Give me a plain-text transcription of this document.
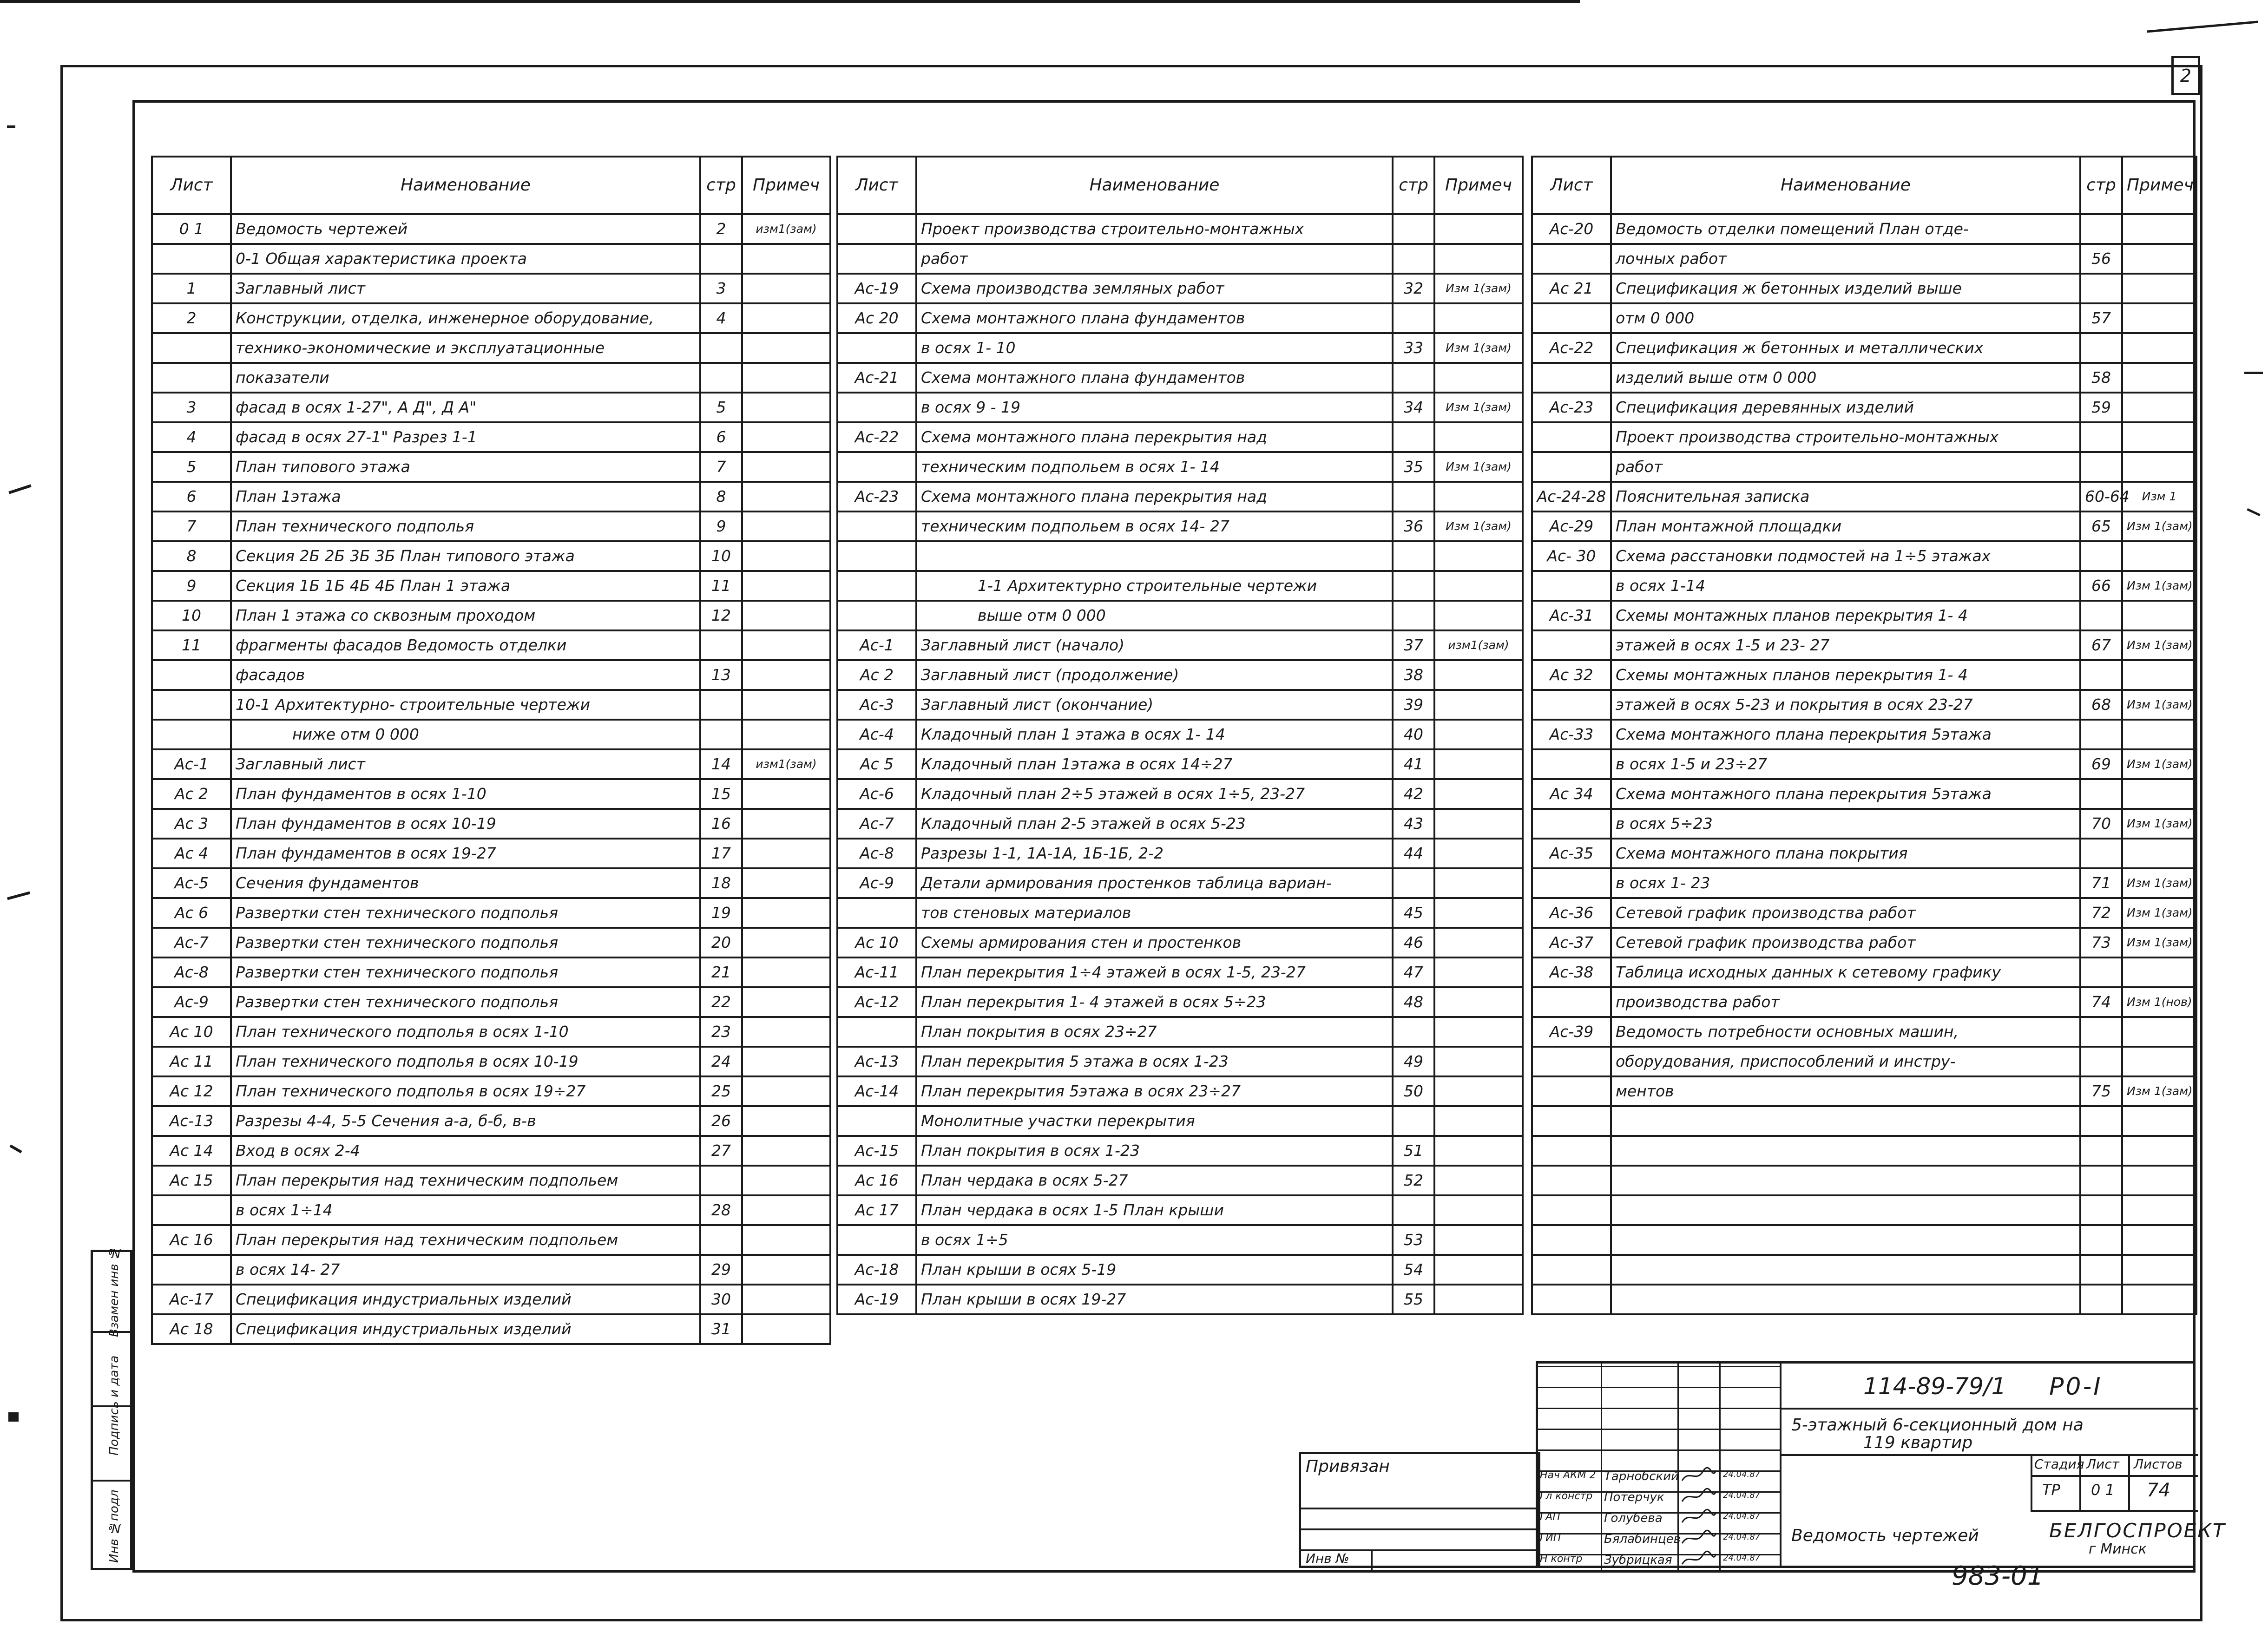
2
Взамен инв №
Подпись и дата
Инв №подл
Лист	Наименование	стр	Примеч
0 1	Ведомость чертежей	2	изм1(зам)
	0-1 Общая характеристика проекта		
1	Заглавный лист	3	
2	Конструкции, отделка, инженерное оборудование,	4	
	технико-экономические и эксплуатационные		
	показатели		
3	фасад в осях 1-27", А Д", Д А"	5	
4	фасад в осях 27-1" Разрез 1-1	6	
5	План типового этажа	7	
6	План 1этажа	8	
7	План технического подполья	9	
8	Секция 2Б 2Б 3Б 3Б План типового этажа	10	
9	Секция 1Б 1Б 4Б 4Б План 1 этажа	11	
10	План 1 этажа со сквозным проходом	12	
11	фрагменты фасадов Ведомость отделки		
	фасадов	13	
	10-1 Архитектурно- строительные чертежи		
	ниже отм 0 000		
Ас-1	Заглавный лист	14	изм1(зам)
Ас 2	План фундаментов в осях 1-10	15	
Ас 3	План фундаментов в осях 10-19	16	
Ас 4	План фундаментов в осях 19-27	17	
Ас-5	Сечения фундаментов	18	
Ас 6	Развертки стен технического подполья	19	
Ас-7	Развертки стен технического подполья	20	
Ас-8	Развертки стен технического подполья	21	
Ас-9	Развертки стен технического подполья	22	
Ас 10	План технического подполья в осях 1-10	23	
Ас 11	План технического подполья в осях 10-19	24	
Ас 12	План технического подполья в осях 19÷27	25	
Ас-13	Разрезы 4-4, 5-5 Сечения а-а, б-б, в-в	26	
Ас 14	Вход в осях 2-4	27	
Ас 15	План перекрытия над техническим подпольем		
	в осях 1÷14	28	
Ас 16	План перекрытия над техническим подпольем		
	в осях 14- 27	29	
Ас-17	Спецификация индустриальных изделий	30	
Ас 18	Спецификация индустриальных изделий	31	
Лист	Наименование	стр	Примеч
	Проект производства строительно-монтажных		
	работ		
Ас-19	Схема производства земляных работ	32	Изм 1(зам)
Ас 20	Схема монтажного плана фундаментов		
	в осях 1- 10	33	Изм 1(зам)
Ас-21	Схема монтажного плана фундаментов		
	в осях 9 - 19	34	Изм 1(зам)
Ас-22	Схема монтажного плана перекрытия над		
	техническим подпольем в осях 1- 14	35	Изм 1(зам)
Ас-23	Схема монтажного плана перекрытия над		
	техническим подпольем в осях 14- 27	36	Изм 1(зам)

	1-1 Архитектурно строительные чертежи		
	выше отм 0 000		
Ас-1	Заглавный лист (начало)	37	изм1(зам)
Ас 2	Заглавный лист (продолжение)	38	
Ас-3	Заглавный лист (окончание)	39	
Ас-4	Кладочный план 1 этажа в осях 1- 14	40	
Ас 5	Кладочный план 1этажа в осях 14÷27	41	
Ас-6	Кладочный план 2÷5 этажей в осях 1÷5, 23-27	42	
Ас-7	Кладочный план 2-5 этажей в осях 5-23	43	
Ас-8	Разрезы 1-1, 1А-1А, 1Б-1Б, 2-2	44	
Ас-9	Детали армирования простенков таблица вариан-		
	тов стеновых материалов	45	
Ас 10	Схемы армирования стен и простенков	46	
Ас-11	План перекрытия 1÷4 этажей в осях 1-5, 23-27	47	
Ас-12	План перекрытия 1- 4 этажей в осях 5÷23	48	
	План покрытия в осях 23÷27		
Ас-13	План перекрытия 5 этажа в осях 1-23	49	
Ас-14	План перекрытия 5этажа в осях 23÷27	50	
	Монолитные участки перекрытия		
Ас-15	План покрытия в осях 1-23	51	
Ас 16	План чердака в осях 5-27	52	
Ас 17	План чердака в осях 1-5 План крыши		
	в осях 1÷5	53	
Ас-18	План крыши в осях 5-19	54	
Ас-19	План крыши в осях 19-27	55	
Лист	Наименование	стр	Примеч
Ас-20	Ведомость отделки помещений План отде-		
	лочных работ	56	
Ас 21	Спецификация ж бетонных изделий выше		
	отм 0 000	57	
Ас-22	Спецификация ж бетонных и металлических		
	изделий выше отм 0 000	58	
Ас-23	Спецификация деревянных изделий	59	
	Проект производства строительно-монтажных		
	работ		
Ас-24-28	Пояснительная записка	60-64	Изм 1
Ас-29	План монтажной площадки	65	Изм 1(зам)
Ас- 30	Схема расстановки подмостей на 1÷5 этажах		
	в осях 1-14	66	Изм 1(зам)
Ас-31	Схемы монтажных планов перекрытия 1- 4		
	этажей в осях 1-5 и 23- 27	67	Изм 1(зам)
Ас 32	Схемы монтажных планов перекрытия 1- 4		
	этажей в осях 5-23 и покрытия в осях 23-27	68	Изм 1(зам)
Ас-33	Схема монтажного плана перекрытия 5этажа		
	в осях 1-5 и 23÷27	69	Изм 1(зам)
Ас 34	Схема монтажного плана перекрытия 5этажа		
	в осях 5÷23	70	Изм 1(зам)
Ас-35	Схема монтажного плана покрытия		
	в осях 1- 23	71	Изм 1(зам)
Ас-36	Сетевой график производства работ	72	Изм 1(зам)
Ас-37	Сетевой график производства работ	73	Изм 1(зам)
Ас-38	Таблица исходных данных к сетевому графику		
	производства работ	74	Изм 1(нов)
Ас-39	Ведомость потребности основных машин,		
	оборудования, приспособлений и инстру-		
	ментов	75	Изм 1(зам)

Привязан
Инв №
Нач АКМ 2 Тарнобский	24.04.87
Гл констр Потерчук	24.04.87
ГАП	Голубева	24.04.87
ГИП	Бялабинцев	24.04.87
Н контр Зубрицкая	24.04.87
114-89-79/1 Р0-I
5-этажный 6-секционный дом на
119 квартир
Стадия Лист Листов
ТР 0 1 74
Ведомость чертежей	БЕЛГОСПРОЕКТ
г Минск
983-01
